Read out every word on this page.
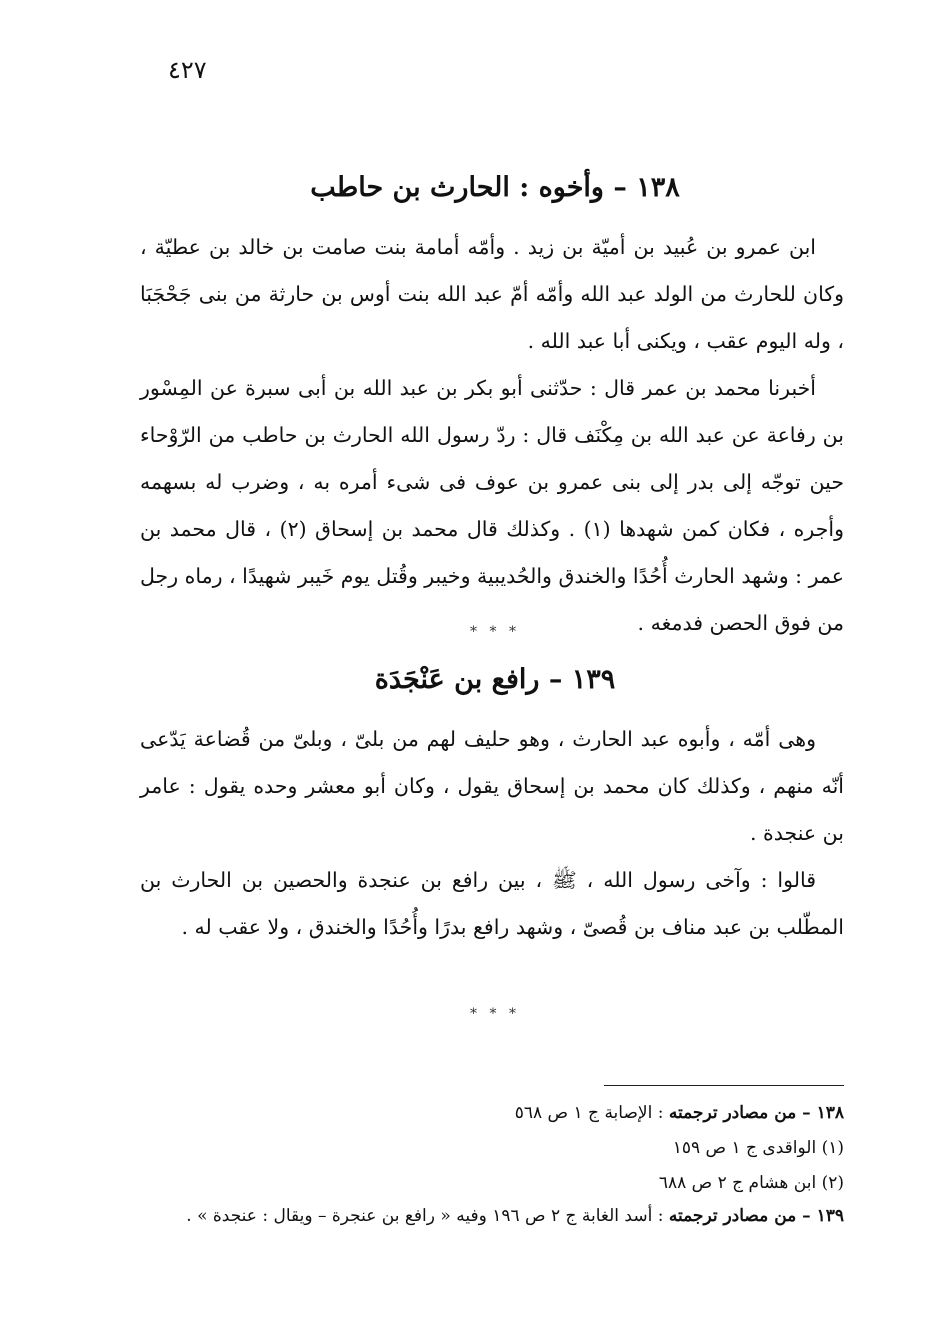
٤٢٧
١٣٨ – وأخوه : الحارث بن حاطب

ابن عمرو بن عُبيد بن أميّة بن زيد . وأمّه أمامة بنت صامت بن خالد بن عطيّة ، وكان للحارث من الولد عبد الله وأمّه أمّ عبد الله بنت أوس بن حارثة من بنى جَحْجَبَا ، وله اليوم عقب ، ويكنى أبا عبد الله .

أخبرنا محمد بن عمر قال : حدّثنى أبو بكر بن عبد الله بن أبى سبرة عن المِسْور بن رفاعة عن عبد الله بن مِكْنَف قال : ردّ رسول الله الحارث بن حاطب من الرّوْحاء حين توجّه إلى بدر إلى بنى عمرو بن عوف فى شىء أمره به ، وضرب له بسهمه وأجره ، فكان كمن شهدها (١) . وكذلك قال محمد بن إسحاق (٢) ، قال محمد بن عمر : وشهد الحارث أُحُدًا والخندق والحُديبية وخيبر وقُتل يوم خَيبر شهيدًا ، رماه رجل من فوق الحصن فدمغه .

* * *
١٣٩ – رافع بن عَنْجَدَة

وهى أمّه ، وأبوه عبد الحارث ، وهو حليف لهم من بلىّ ، وبلىّ من قُضاعة يَدّعى أنّه منهم ، وكذلك كان محمد بن إسحاق يقول ، وكان أبو معشر وحده يقول : عامر بن عنجدة .

قالوا : وآخى رسول الله ، ﷺ ، بين رافع بن عنجدة والحصين بن الحارث بن المطّلب بن عبد مناف بن قُصىّ ، وشهد رافع بدرًا وأُحُدًا والخندق ، ولا عقب له .

* * *

١٣٨ – من مصادر ترجمته : الإصابة ج ١ ص ٥٦٨

(١) الواقدى ج ١ ص ١٥٩

(٢) ابن هشام ج ٢ ص ٦٨٨

١٣٩ – من مصادر ترجمته : أسد الغابة ج ٢ ص ١٩٦ وفيه « رافع بن عنجرة – ويقال : عنجدة » .
